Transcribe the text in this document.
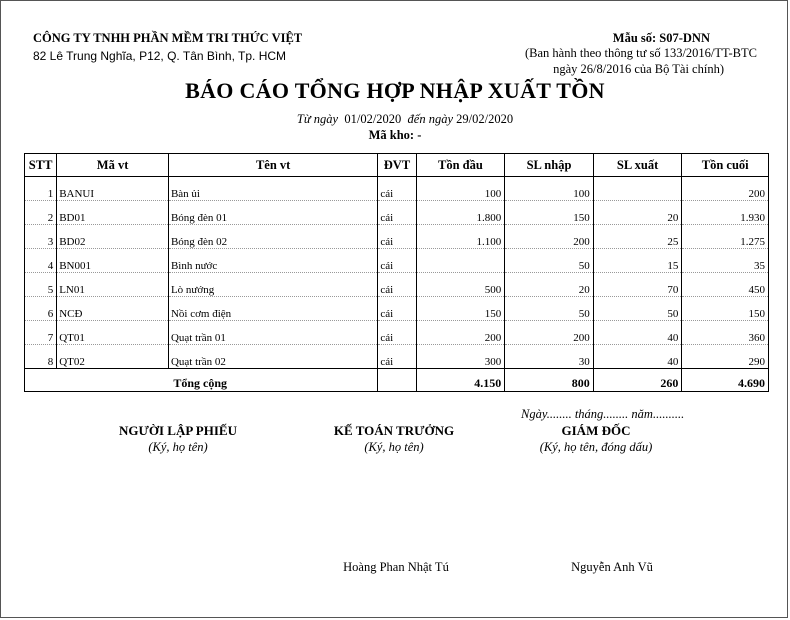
CÔNG TY TNHH PHẦN MỀM TRI THỨC VIỆT
82 Lê Trung Nghĩa, P12, Q. Tân Bình, Tp. HCM
Mẫu số: S07-DNN
(Ban hành theo thông tư số 133/2016/TT-BTC
ngày 26/8/2016 của Bộ Tài chính)
BÁO CÁO TỔNG HỢP NHẬP XUẤT TỒN
Từ ngày 01/02/2020 đến ngày 29/02/2020
Mã kho: -
STT	Mã vt	Tên vt	ĐVT	Tồn đầu	SL nhập	SL xuất	Tồn cuối
1	BANUI	Bàn ủi	cái	100	100		200
2	BD01	Bóng đèn 01	cái	1.800	150	20	1.930
3	BD02	Bóng đèn 02	cái	1.100	200	25	1.275
4	BN001	Bình nước	cái		50	15	35
5	LN01	Lò nướng	cái	500	20	70	450
6	NCĐ	Nồi cơm điện	cái	150	50	50	150
7	QT01	Quạt trần 01	cái	200	200	40	360
8	QT02	Quạt trần 02	cái	300	30	40	290
Tổng cộng				4.150	800	260	4.690
Ngày........ tháng........ năm..........
NGƯỜI LẬP PHIẾU
(Ký, họ tên)
KẾ TOÁN TRƯỞNG
(Ký, họ tên)
GIÁM ĐỐC
(Ký, họ tên, đóng dấu)
Hoàng Phan Nhật Tú	Nguyễn Anh Vũ
